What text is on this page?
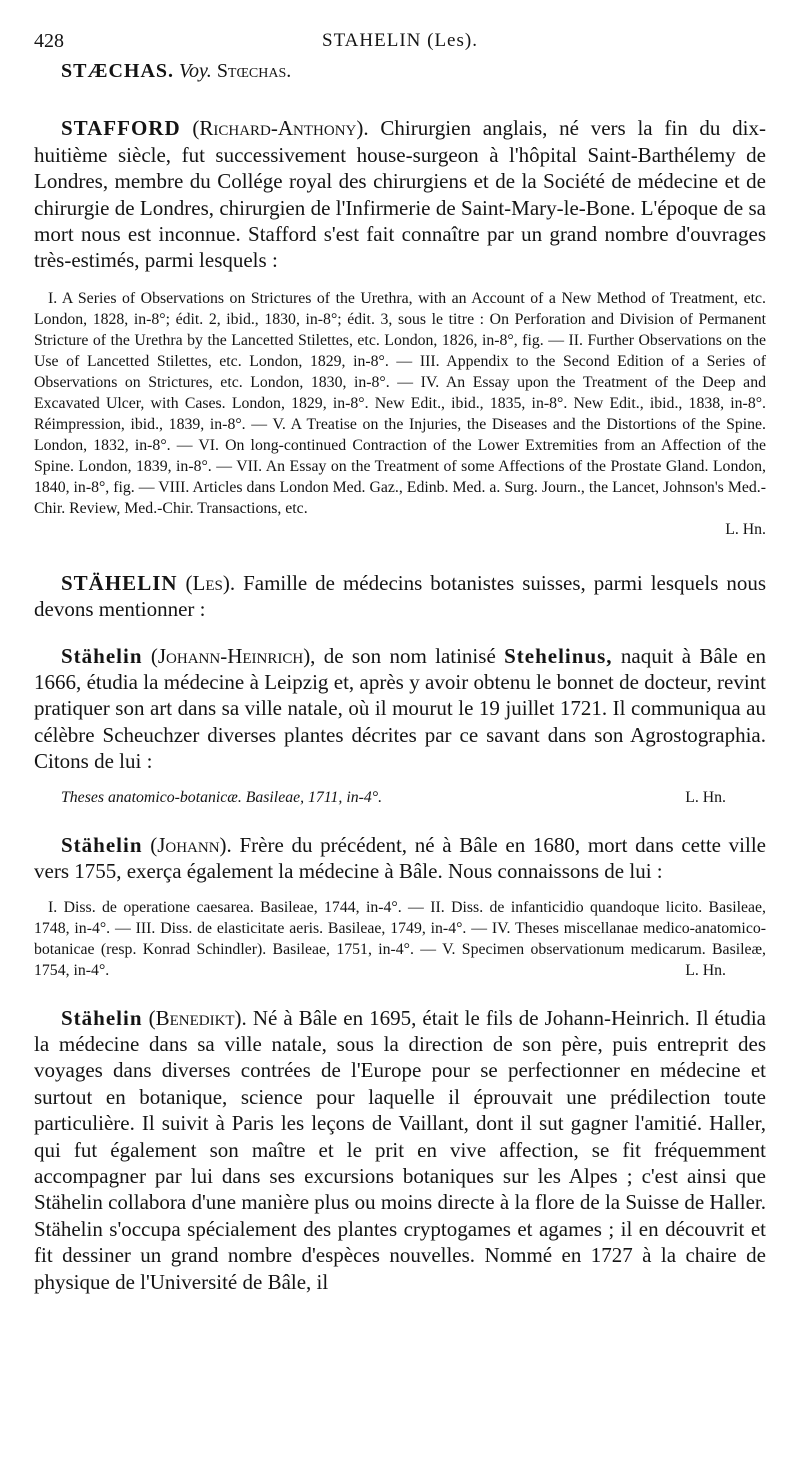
428	STAHELIN (Les).

STÆCHAS. Voy. Stœchas.

STAFFORD (Richard-Anthony). Chirurgien anglais, né vers la fin du dix-huitième siècle, fut successivement house-surgeon à l'hôpital Saint-Barthélemy de Londres, membre du Collége royal des chirurgiens et de la Société de médecine et de chirurgie de Londres, chirurgien de l'Infirmerie de Saint-Mary-le-Bone. L'époque de sa mort nous est inconnue. Stafford s'est fait connaître par un grand nombre d'ouvrages très-estimés, parmi lesquels :

I. A Series of Observations on Strictures of the Urethra, with an Account of a New Method of Treatment, etc. London, 1828, in-8°; édit. 2, ibid., 1830, in-8°; édit. 3, sous le titre : On Perforation and Division of Permanent Stricture of the Urethra by the Lancetted Stilettes, etc. London, 1826, in-8°, fig. — II. Further Observations on the Use of Lancetted Stilettes, etc. London, 1829, in-8°. — III. Appendix to the Second Edition of a Series of Observations on Strictures, etc. London, 1830, in-8°. — IV. An Essay upon the Treatment of the Deep and Excavated Ulcer, with Cases. London, 1829, in-8°. New Edit., ibid., 1835, in-8°. New Edit., ibid., 1838, in-8°. Réimpression, ibid., 1839, in-8°. — V. A Treatise on the Injuries, the Diseases and the Distortions of the Spine. London, 1832, in-8°. — VI. On long-continued Contraction of the Lower Extremities from an Affection of the Spine. London, 1839, in-8°. — VII. An Essay on the Treatment of some Affections of the Prostate Gland. London, 1840, in-8°, fig. — VIII. Articles dans London Med. Gaz., Edinb. Med. a. Surg. Journ., the Lancet, Johnson's Med.-Chir. Review, Med.-Chir. Transactions, etc.

L. Hn.

STÄHELIN (Les). Famille de médecins botanistes suisses, parmi lesquels nous devons mentionner :

Stähelin (Johann-Heinrich), de son nom latinisé Stehelinus, naquit à Bâle en 1666, étudia la médecine à Leipzig et, après y avoir obtenu le bonnet de docteur, revint pratiquer son art dans sa ville natale, où il mourut le 19 juillet 1721. Il communiqua au célèbre Scheuchzer diverses plantes décrites par ce savant dans son Agrostographia. Citons de lui :

Theses anatomico-botanicæ. Basileae, 1711, in-4°.	L. Hn.

Stähelin (Johann). Frère du précédent, né à Bâle en 1680, mort dans cette ville vers 1755, exerça également la médecine à Bâle. Nous connaissons de lui :

I. Diss. de operatione caesarea. Basileae, 1744, in-4°. — II. Diss. de infanticidio quandoque licito. Basileae, 1748, in-4°. — III. Diss. de elasticitate aeris. Basileae, 1749, in-4°. — IV. Theses miscellanae medico-anatomico-botanicae (resp. Konrad Schindler). Basileae, 1751, in-4°. — V. Specimen observationum medicarum. Basileæ, 1754, in-4°.	L. Hn.

Stähelin (Benedikt). Né à Bâle en 1695, était le fils de Johann-Heinrich. Il étudia la médecine dans sa ville natale, sous la direction de son père, puis entreprit des voyages dans diverses contrées de l'Europe pour se perfectionner en médecine et surtout en botanique, science pour laquelle il éprouvait une prédilection toute particulière. Il suivit à Paris les leçons de Vaillant, dont il sut gagner l'amitié. Haller, qui fut également son maître et le prit en vive affection, se fit fréquemment accompagner par lui dans ses excursions botaniques sur les Alpes ; c'est ainsi que Stähelin collabora d'une manière plus ou moins directe à la flore de la Suisse de Haller. Stähelin s'occupa spécialement des plantes cryptogames et agames ; il en découvrit et fit dessiner un grand nombre d'espèces nouvelles. Nommé en 1727 à la chaire de physique de l'Université de Bâle, il
